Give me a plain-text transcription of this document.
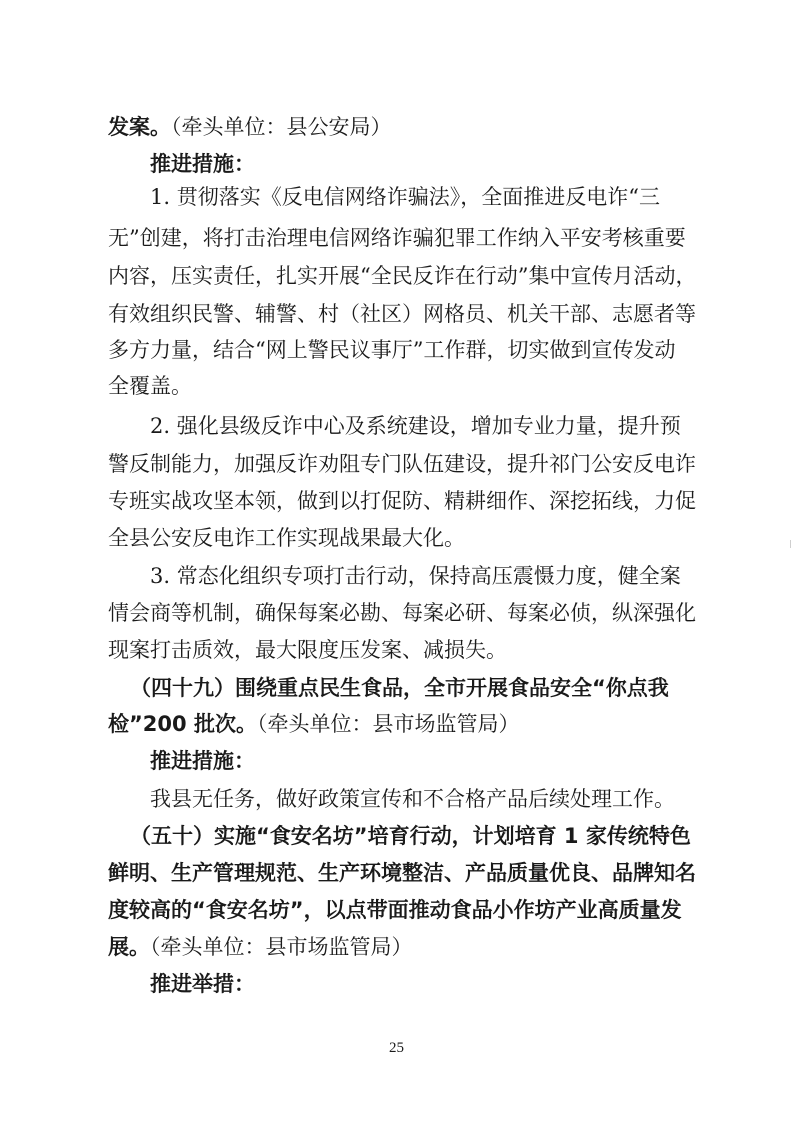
发案。（牵头单位：县公安局）
推进措施：
1. 贯彻落实《反电信网络诈骗法》，全面推进反电诈“三
无”创建，将打击治理电信网络诈骗犯罪工作纳入平安考核重要
内容，压实责任，扎实开展“全民反诈在行动”集中宣传月活动，
有效组织民警、辅警、村（社区）网格员、机关干部、志愿者等
多方力量，结合“网上警民议事厅”工作群，切实做到宣传发动
全覆盖。
2. 强化县级反诈中心及系统建设，增加专业力量，提升预
警反制能力，加强反诈劝阻专门队伍建设，提升祁门公安反电诈
专班实战攻坚本领，做到以打促防、精耕细作、深挖拓线，力促
全县公安反电诈工作实现战果最大化。
3. 常态化组织专项打击行动，保持高压震慑力度，健全案
情会商等机制，确保每案必勘、每案必研、每案必侦，纵深强化
现案打击质效，最大限度压发案、减损失。
（四十九）围绕重点民生食品，全市开展食品安全“你点我
检”200 批次。（牵头单位：县市场监管局）
推进措施：
我县无任务，做好政策宣传和不合格产品后续处理工作。
（五十）实施“食安名坊”培育行动，计划培育 1 家传统特色
鲜明、生产管理规范、生产环境整洁、产品质量优良、品牌知名
度较高的“食安名坊”，以点带面推动食品小作坊产业高质量发
展。（牵头单位：县市场监管局）
推进举措：
25
